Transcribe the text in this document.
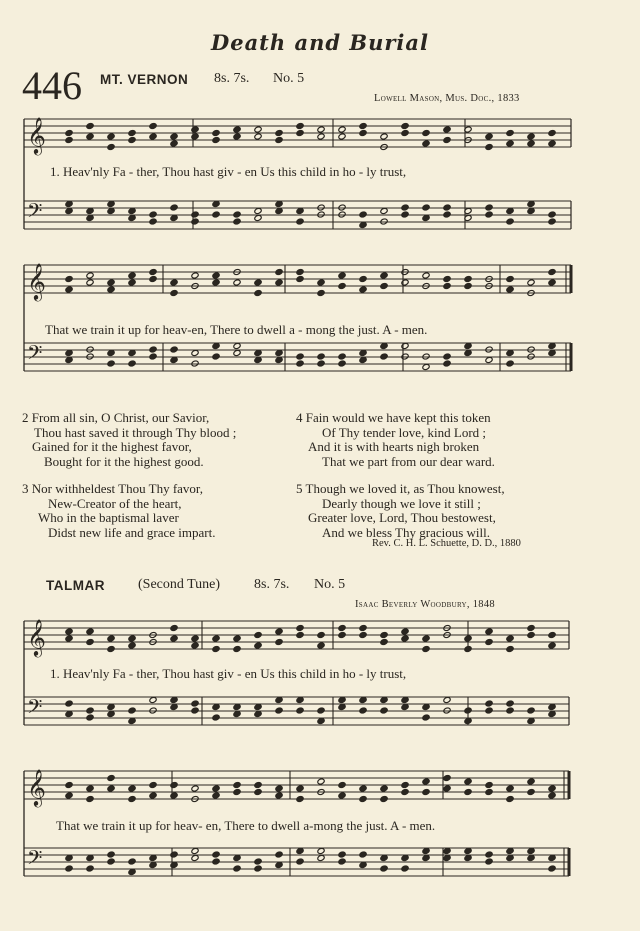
Death and Burial
446 MT. VERNON 8s. 7s. No. 5
Lowell Mason, Mus. Doc., 1833
𝄞
𝄢
𝄞
𝄢
𝄞
𝄢
𝄞
𝄢
1. Heav'nly Fa - ther, Thou hast giv - en Us this child in ho - ly trust,
That we train it up for heav-en, There to dwell a - mong the just. A - men.
2 From all sin, O Christ, our Savior,
Thou hast saved it through Thy blood ;
Gained for it the highest favor,
Bought for it the highest good.
3 Nor withheldest Thou Thy favor,
New-Creator of the heart,
Who in the baptismal laver
Didst new life and grace impart.
4 Fain would we have kept this token
Of Thy tender love, kind Lord ;
And it is with hearts nigh broken
That we part from our dear ward.
5 Though we loved it, as Thou knowest,
Dearly though we love it still ;
Greater love, Lord, Thou bestowest,
And we bless Thy gracious will.
Rev. C. H. L. Schuette, D. D., 1880
TALMAR (Second Tune) 8s. 7s. No. 5
Isaac Beverly Woodbury, 1848
1. Heav'nly Fa - ther, Thou hast giv - en Us this child in ho - ly trust,
That we train it up for heav- en, There to dwell a-mong the just. A - men.
